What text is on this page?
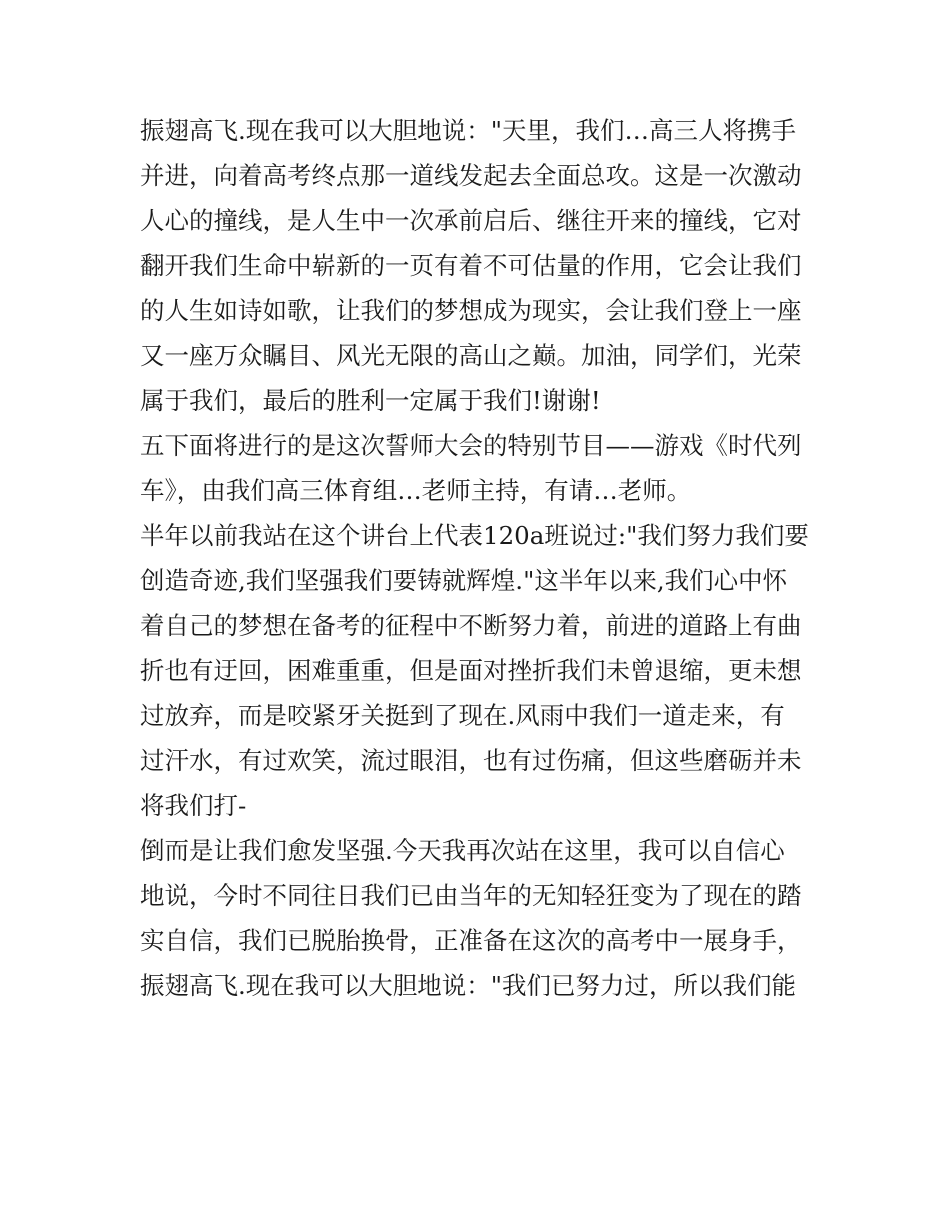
振翅高飞.现在我可以大胆地说："天里，我们…高三人将携手
并进，向着高考终点那一道线发起去全面总攻。这是一次激动
人心的撞线，是人生中一次承前启后、继往开来的撞线，它对
翻开我们生命中崭新的一页有着不可估量的作用，它会让我们
的人生如诗如歌，让我们的梦想成为现实，会让我们登上一座
又一座万众瞩目、风光无限的高山之巅。加油，同学们，光荣
属于我们，最后的胜利一定属于我们!谢谢!
五下面将进行的是这次誓师大会的特别节目——游戏《时代列
车》，由我们高三体育组…老师主持，有请…老师。
半年以前我站在这个讲台上代表120a班说过:"我们努力我们要
创造奇迹,我们坚强我们要铸就辉煌."这半年以来,我们心中怀
着自己的梦想在备考的征程中不断努力着，前进的道路上有曲
折也有迂回，困难重重，但是面对挫折我们未曾退缩，更未想
过放弃，而是咬紧牙关挺到了现在.风雨中我们一道走来，有
过汗水，有过欢笑，流过眼泪，也有过伤痛，但这些磨砺并未
将我们打-
倒而是让我们愈发坚强.今天我再次站在这里，我可以自信心
地说，今时不同往日我们已由当年的无知轻狂变为了现在的踏
实自信，我们已脱胎换骨，正准备在这次的高考中一展身手，
振翅高飞.现在我可以大胆地说："我们已努力过，所以我们能
